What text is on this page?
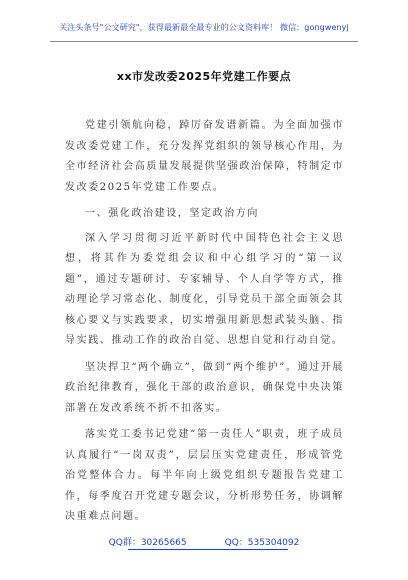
关注头条号"公文研究"，获得最新最全最专业的公文资料库！ 微信：gongwenyj
xx市发改委2025年党建工作要点

党建引领航向稳，踔厉奋发谱新篇。为全面加强市发改委党建工作，充分发挥党组织的领导核心作用，为全市经济社会高质量发展提供坚强政治保障，特制定市发改委2025年党建工作要点。

一、强化政治建设，坚定政治方向

深入学习贯彻习近平新时代中国特色社会主义思想，将其作为委党组会议和中心组学习的“第一议题”，通过专题研讨、专家辅导、个人自学等方式，推动理论学习常态化、制度化，引导党员干部全面领会其核心要义与实践要求，切实增强用新思想武装头脑、指导实践、推动工作的政治自觉、思想自觉和行动自觉。

坚决捍卫“两个确立”，做到“两个维护”。通过开展政治纪律教育，强化干部的政治意识，确保党中央决策部署在发改系统不折不扣落实。

落实党工委书记党建“第一责任人”职责，班子成员认真履行“一岗双责”，层层压实党建责任，形成管党治党整体合力。每半年向上级党组织专题报告党建工作，每季度召开党建专题会议，分析形势任务，协调解决重难点问题。

QQ群：30265665	QQ：535304092
